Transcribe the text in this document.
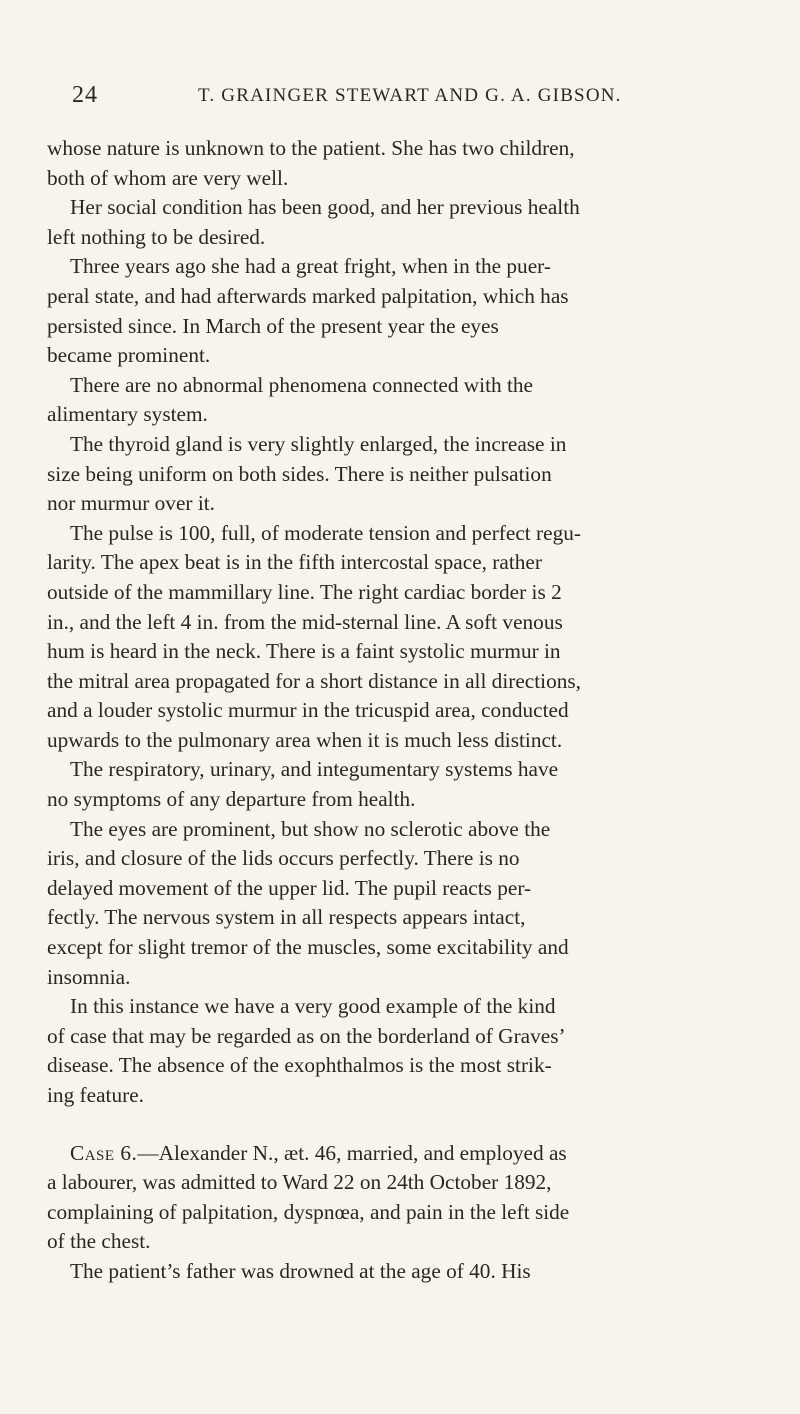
24	T. GRAINGER STEWART AND G. A. GIBSON.
whose nature is unknown to the patient. She has two children,
both of whom are very well.
Her social condition has been good, and her previous health
left nothing to be desired.
Three years ago she had a great fright, when in the puer-
peral state, and had afterwards marked palpitation, which has
persisted since. In March of the present year the eyes
became prominent.
There are no abnormal phenomena connected with the
alimentary system.
The thyroid gland is very slightly enlarged, the increase in
size being uniform on both sides. There is neither pulsation
nor murmur over it.
The pulse is 100, full, of moderate tension and perfect regu-
larity. The apex beat is in the fifth intercostal space, rather
outside of the mammillary line. The right cardiac border is 2
in., and the left 4 in. from the mid-sternal line. A soft venous
hum is heard in the neck. There is a faint systolic murmur in
the mitral area propagated for a short distance in all directions,
and a louder systolic murmur in the tricuspid area, conducted
upwards to the pulmonary area when it is much less distinct.
The respiratory, urinary, and integumentary systems have
no symptoms of any departure from health.
The eyes are prominent, but show no sclerotic above the
iris, and closure of the lids occurs perfectly. There is no
delayed movement of the upper lid. The pupil reacts per-
fectly. The nervous system in all respects appears intact,
except for slight tremor of the muscles, some excitability and
insomnia.
In this instance we have a very good example of the kind
of case that may be regarded as on the borderland of Graves’
disease. The absence of the exophthalmos is the most strik-
ing feature.
Case 6.—Alexander N., æt. 46, married, and employed as
a labourer, was admitted to Ward 22 on 24th October 1892,
complaining of palpitation, dyspnœa, and pain in the left side
of the chest.
The patient’s father was drowned at the age of 40. His
